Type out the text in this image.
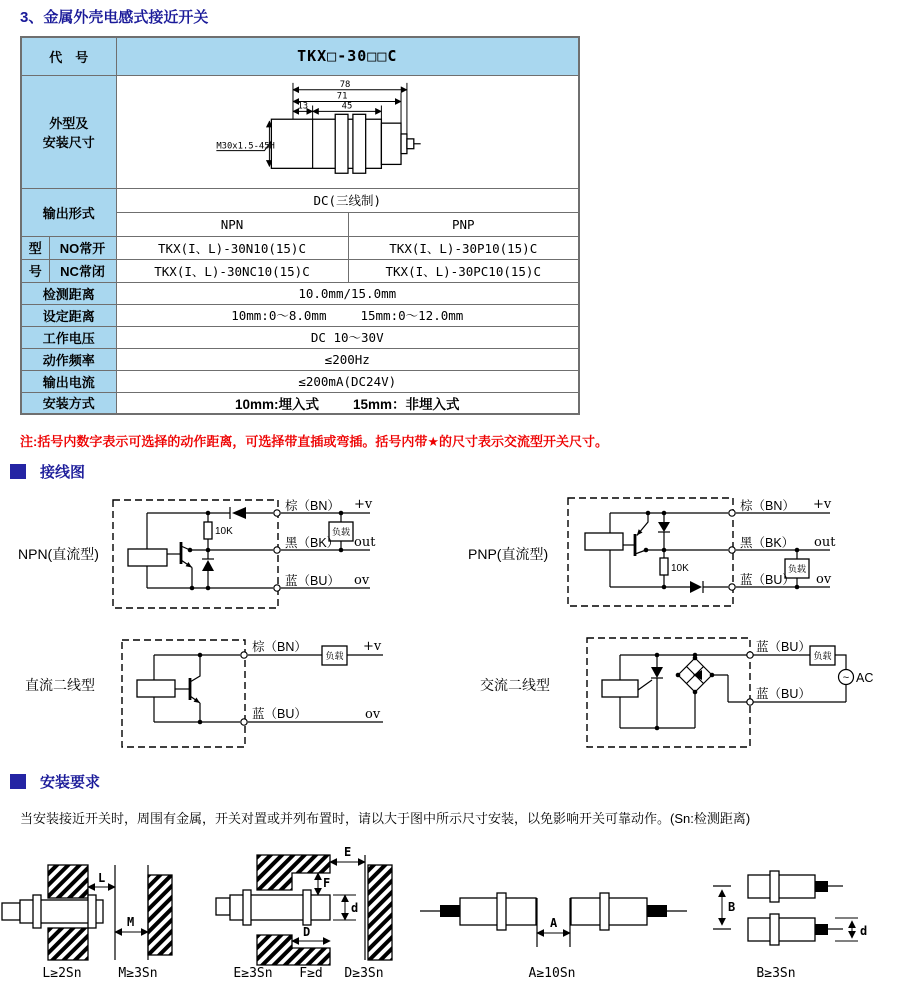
3、金属外壳电感式接近开关
代　号		TKX□-30□□C	

外型及
安装尺寸

78
71
13	45
M30x1.5-45H

输出形式		DC(三线制)	
		NPN	PNP
型	NO常开	TKX(I、L)-30N10(15)C	TKX(I、L)-30P10(15)C
号	NC常闭	TKX(I、L)-30NC10(15)C	TKX(I、L)-30PC10(15)C
检测距离		10.0mm/15.0mm	
设定距离		10mm:0～8.0mm 15mm:0～12.0mm	
工作电压		DC 10～30V	
动作频率		≤200Hz	
输出电流		≤200mA(DC24V)	
安装方式		10mm:埋入式 15mm：非埋入式	
注:括号内数字表示可选择的动作距离，可选择带直插或弯插。括号内带★的尺寸表示交流型开关尺寸。
接线图
NPN(直流型)
10K	负载
棕（BN） +v
黑（BK） out
蓝（BU） ov
PNP(直流型)
10K	负载
棕（BN） +v
黑（BK） out
蓝（BU） ov
直流二线型
负载
棕（BN）	+v
蓝（BU）	ov
交流二线型
负载
~ AC
蓝（BU）
蓝（BU）
安装要求
当安装接近开关时，周围有金属，开关对置或并列布置时，请以大于图中所示尺寸安装，以免影响开关可靠动作。(Sn:检测距离)
L
M
L≥2Sn	M≥3Sn
E
F
d
D
E≥3Sn F≥d D≥3Sn
A
A≥10Sn
B
d
B≥3Sn
